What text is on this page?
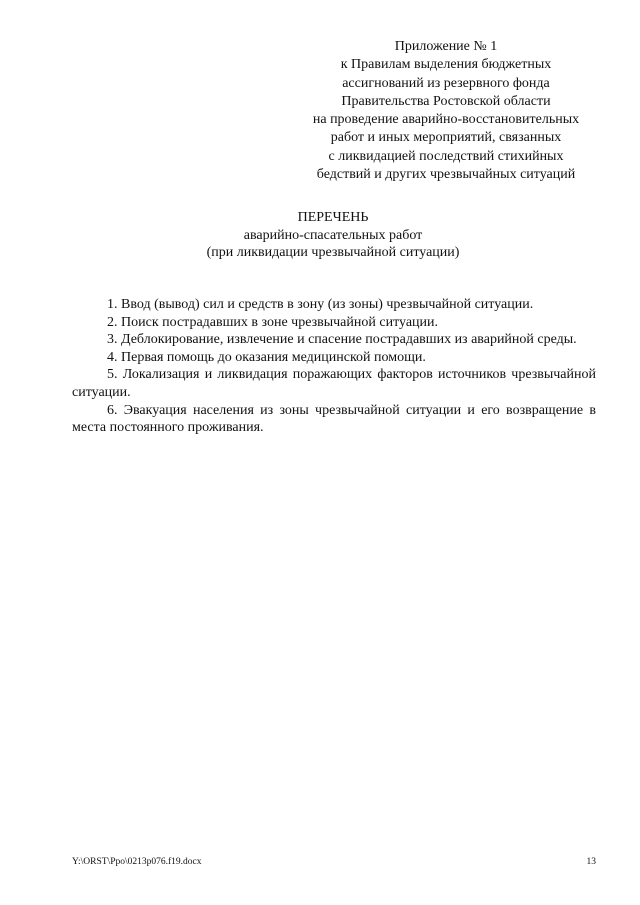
Приложение № 1
к Правилам выделения бюджетных
ассигнований из резервного фонда
Правительства Ростовской области
на проведение аварийно-восстановительных
работ и иных мероприятий, связанных
с ликвидацией последствий стихийных
бедствий и других чрезвычайных ситуаций
ПЕРЕЧЕНЬ
аварийно-спасательных работ
(при ликвидации чрезвычайной ситуации)

1. Ввод (вывод) сил и средств в зону (из зоны) чрезвычайной ситуации.

2. Поиск пострадавших в зоне чрезвычайной ситуации.

3. Деблокирование, извлечение и спасение пострадавших из аварийной среды.

4. Первая помощь до оказания медицинской помощи.

5. Локализация и ликвидация поражающих факторов источников чрезвычайной ситуации.

6. Эвакуация населения из зоны чрезвычайной ситуации и его возвращение в места постоянного проживания.

Y:\ORST\Ppo\0213p076.f19.docx	13
